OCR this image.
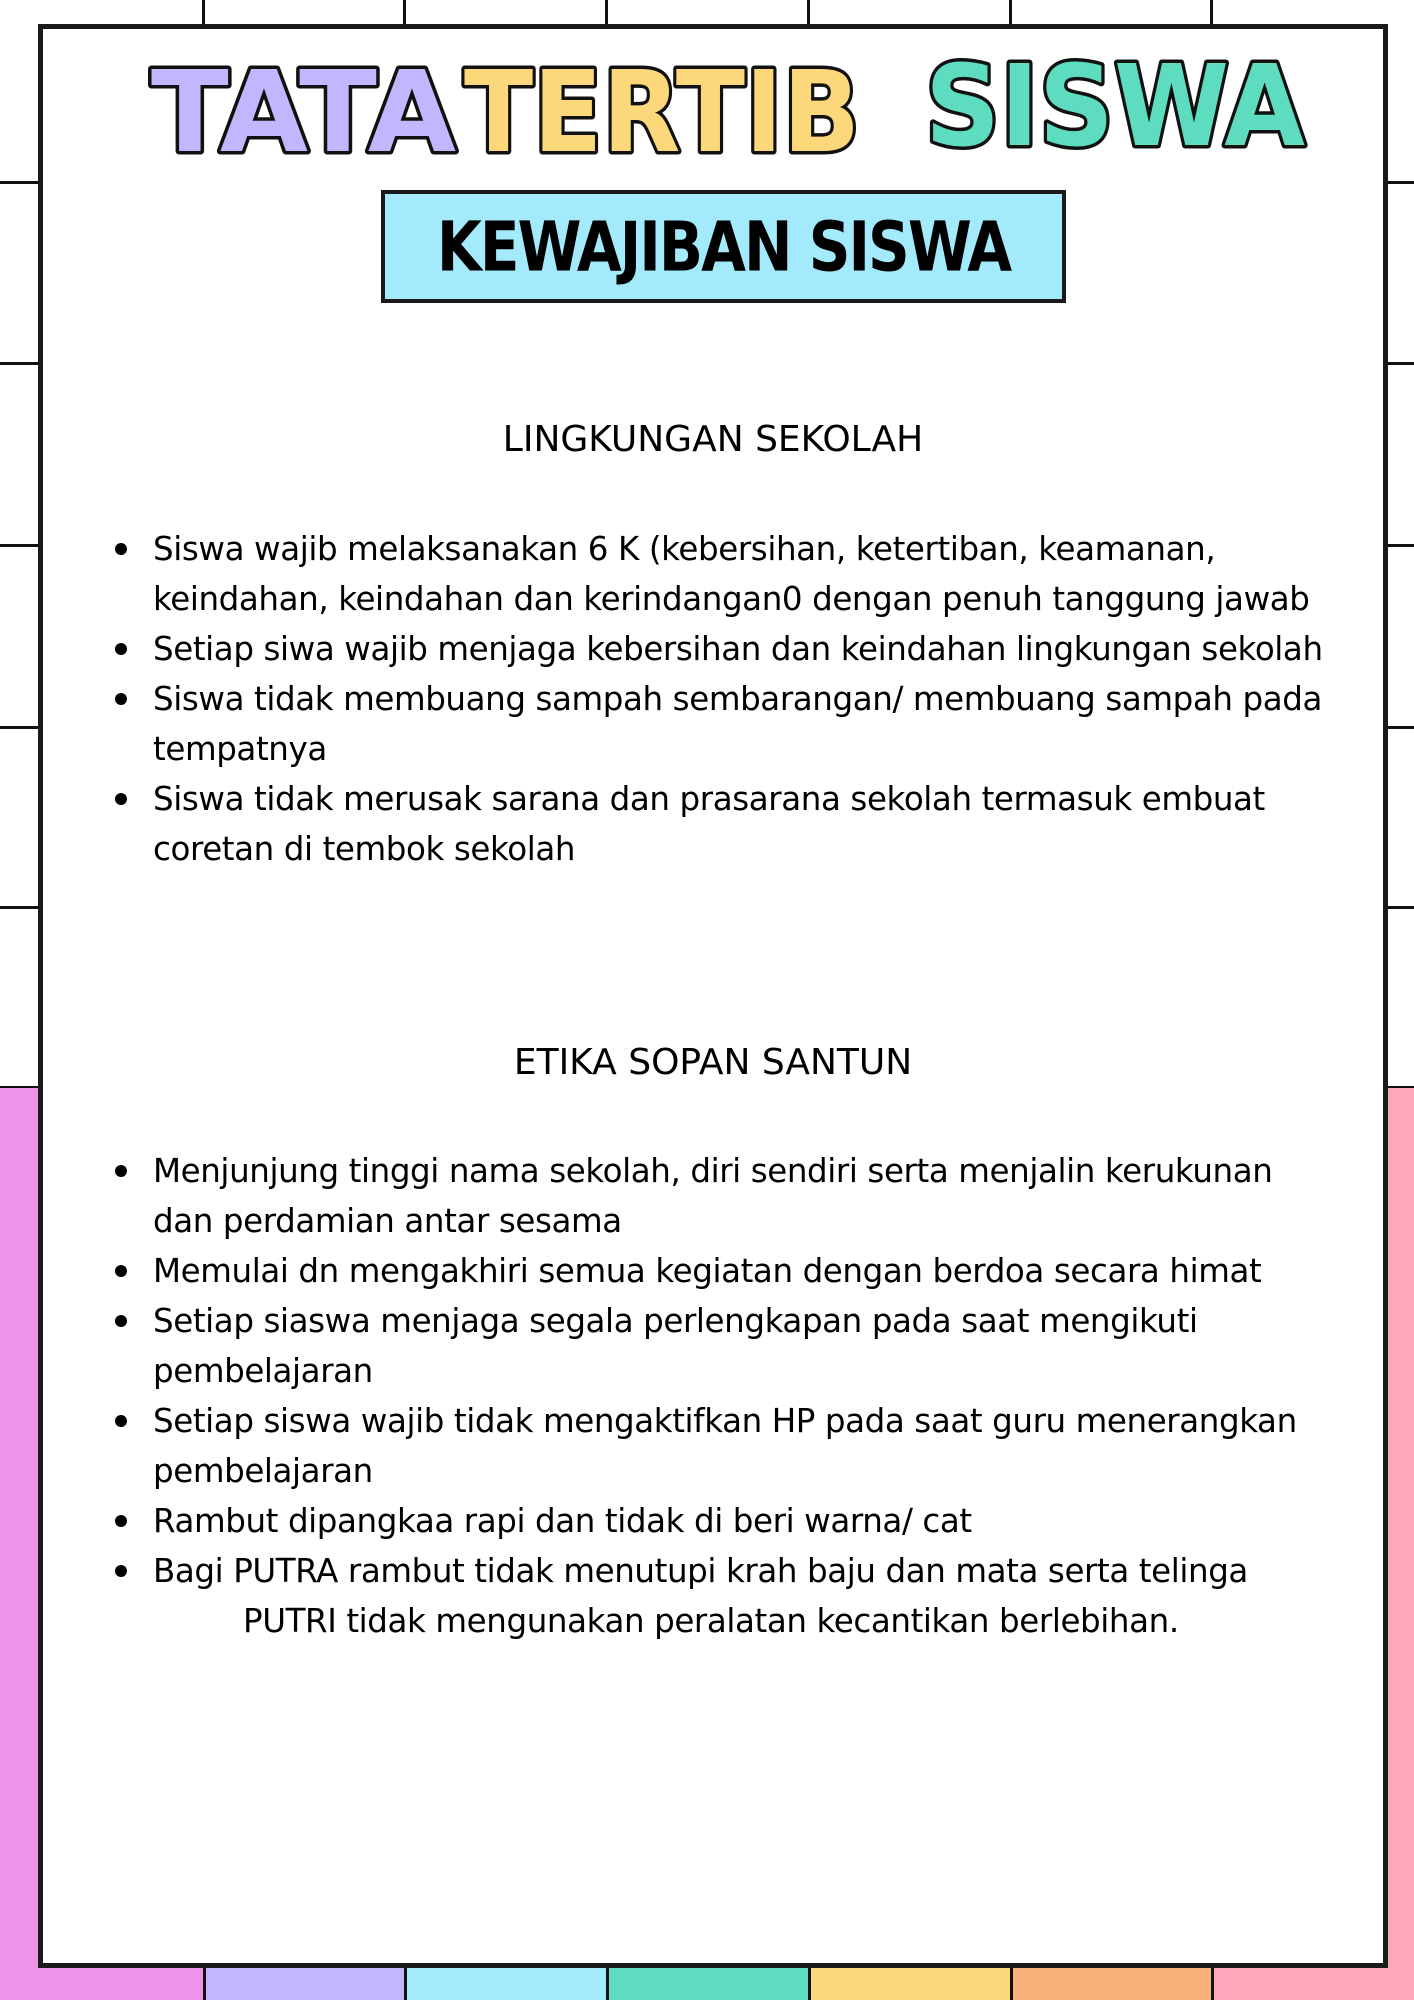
TATA TERTIB SISWA
KEWAJIBAN SISWA
LINGKUNGAN SEKOLAH
Siswa wajib melaksanakan 6 K (kebersihan, ketertiban, keamanan,
keindahan, keindahan dan kerindangan0 dengan penuh tanggung jawab
Setiap siwa wajib menjaga kebersihan dan keindahan lingkungan sekolah
Siswa tidak membuang sampah sembarangan/ membuang sampah pada
tempatnya
Siswa tidak merusak sarana dan prasarana sekolah termasuk embuat
coretan di tembok sekolah
ETIKA SOPAN SANTUN
Menjunjung tinggi nama sekolah, diri sendiri serta menjalin kerukunan
dan perdamian antar sesama
Memulai dn mengakhiri semua kegiatan dengan berdoa secara himat
Setiap siaswa menjaga segala perlengkapan pada saat mengikuti
pembelajaran
Setiap siswa wajib tidak mengaktifkan HP pada saat guru menerangkan
pembelajaran
Rambut dipangkaa rapi dan tidak di beri warna/ cat
Bagi PUTRA rambut tidak menutupi krah baju dan mata serta telinga
PUTRI tidak mengunakan peralatan kecantikan berlebihan.
